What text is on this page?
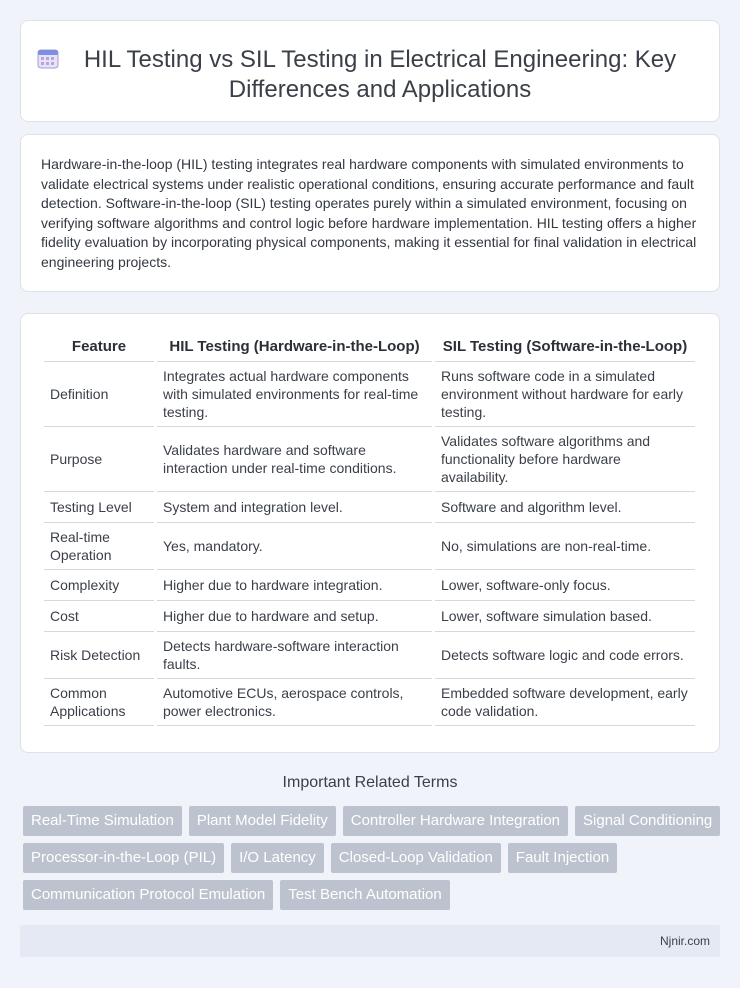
HIL Testing vs SIL Testing in Electrical Engineering: Key Differences and Applications

Hardware-in-the-loop (HIL) testing integrates real hardware components with simulated environments to validate electrical systems under realistic operational conditions, ensuring accurate performance and fault detection. Software-in-the-loop (SIL) testing operates purely within a simulated environment, focusing on verifying software algorithms and control logic before hardware implementation. HIL testing offers a higher fidelity evaluation by incorporating physical components, making it essential for final validation in electrical engineering projects.

Feature	HIL Testing (Hardware-in-the-Loop)	SIL Testing (Software-in-the-Loop)
Definition	Integrates actual hardware components with simulated environments for real-time testing.	Runs software code in a simulated environment without hardware for early testing.
Purpose	Validates hardware and software interaction under real-time conditions.	Validates software algorithms and functionality before hardware availability.
Testing Level	System and integration level.	Software and algorithm level.
Real-time Operation	Yes, mandatory.	No, simulations are non-real-time.
Complexity	Higher due to hardware integration.	Lower, software-only focus.
Cost	Higher due to hardware and setup.	Lower, software simulation based.
Risk Detection	Detects hardware-software interaction faults.	Detects software logic and code errors.
Common Applications	Automotive ECUs, aerospace controls, power electronics.	Embedded software development, early code validation.
Important Related Terms
Real-Time Simulation	Plant Model Fidelity	Controller Hardware Integration	Signal Conditioning
Processor-in-the-Loop (PIL)	I/O Latency	Closed-Loop Validation	Fault Injection
Communication Protocol Emulation	Test Bench Automation
Njnir.com
